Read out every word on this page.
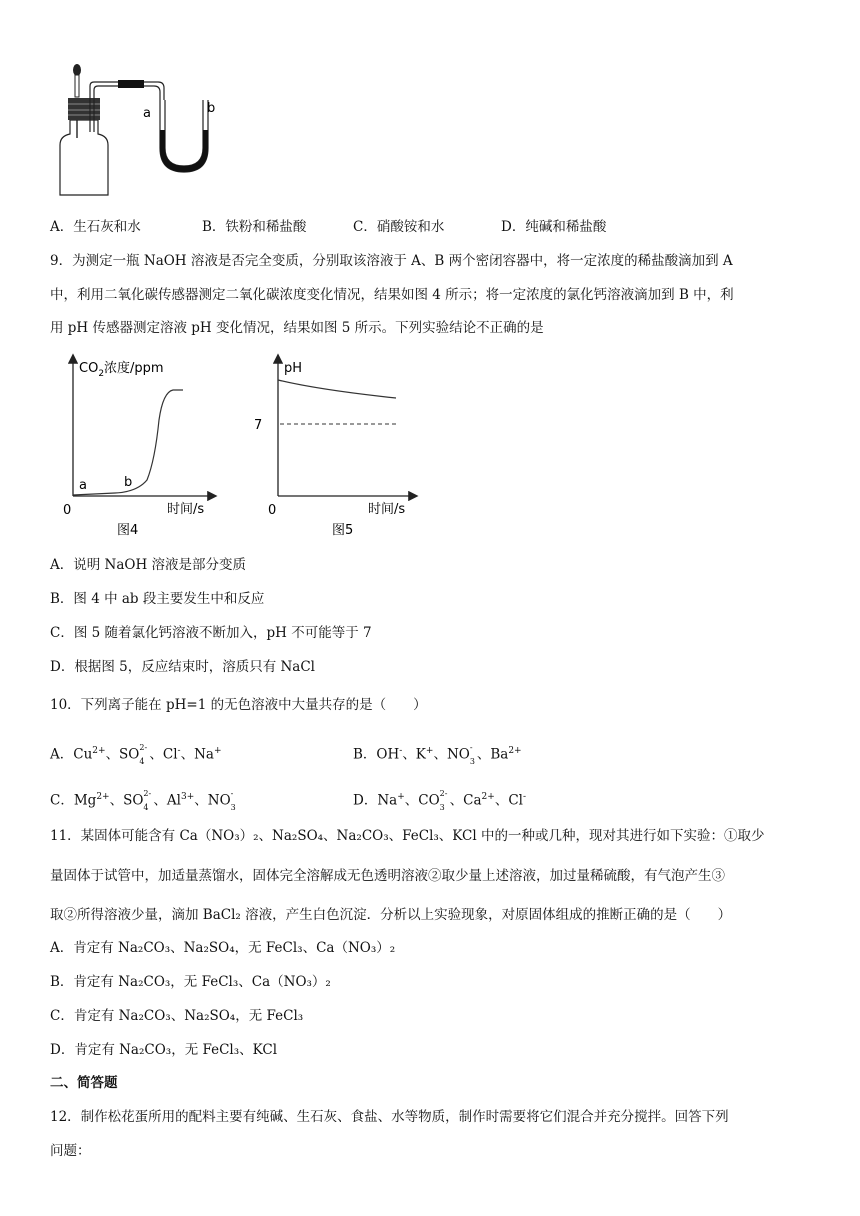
a	b
A．生石灰和水	B．铁粉和稀盐酸	C．硝酸铵和水	D．纯碱和稀盐酸
9．为测定一瓶 NaOH 溶液是否完全变质，分别取该溶液于 A、B 两个密闭容器中，将一定浓度的稀盐酸滴加到 A
中，利用二氧化碳传感器测定二氧化碳浓度变化情况，结果如图 4 所示；将一定浓度的氯化钙溶液滴加到 B 中，利
用 pH 传感器测定溶液 pH 变化情况，结果如图 5 所示。下列实验结论不正确的是
$CO_2$浓度/ppm
a	b
0	时间/s
图4
pH
7
0	时间/s
图5
A．说明 NaOH 溶液是部分变质
B．图 4 中 ab 段主要发生中和反应
C．图 5 随着氯化钙溶液不断加入，pH 不可能等于 7
D．根据图 5，反应结束时，溶质只有 NaCl
10．下列离子能在 pH=1 的无色溶液中大量共存的是（　　）
A．$Cu^{2+}$、SO 2-
4 、Cl-、Na+	B．OH-、K+、NO -
3 、$Ba^{2+}$
C．$Mg^{2+}$、SO 2-
4 、$Al^{3+}$、NO -
3	D．Na+、CO 2-
3 、$Ca^{2+}$、Cl-
11．某固体可能含有 Ca（NO₃）₂、Na₂SO₄、Na₂CO₃、FeCl₃、KCl 中的一种或几种，现对其进行如下实验：①取少
量固体于试管中，加适量蒸馏水，固体完全溶解成无色透明溶液②取少量上述溶液，加过量稀硫酸，有气泡产生③
取②所得溶液少量，滴加 BaCl₂ 溶液，产生白色沉淀．分析以上实验现象，对原固体组成的推断正确的是（　　）
A．肯定有 Na₂CO₃、Na₂SO₄，无 FeCl₃、Ca（NO₃）₂
B．肯定有 Na₂CO₃，无 FeCl₃、Ca（NO₃）₂
C．肯定有 Na₂CO₃、Na₂SO₄，无 FeCl₃
D．肯定有 Na₂CO₃，无 FeCl₃、KCl
二、简答题
12．制作松花蛋所用的配料主要有纯碱、生石灰、食盐、水等物质，制作时需要将它们混合并充分搅拌。回答下列
问题：
